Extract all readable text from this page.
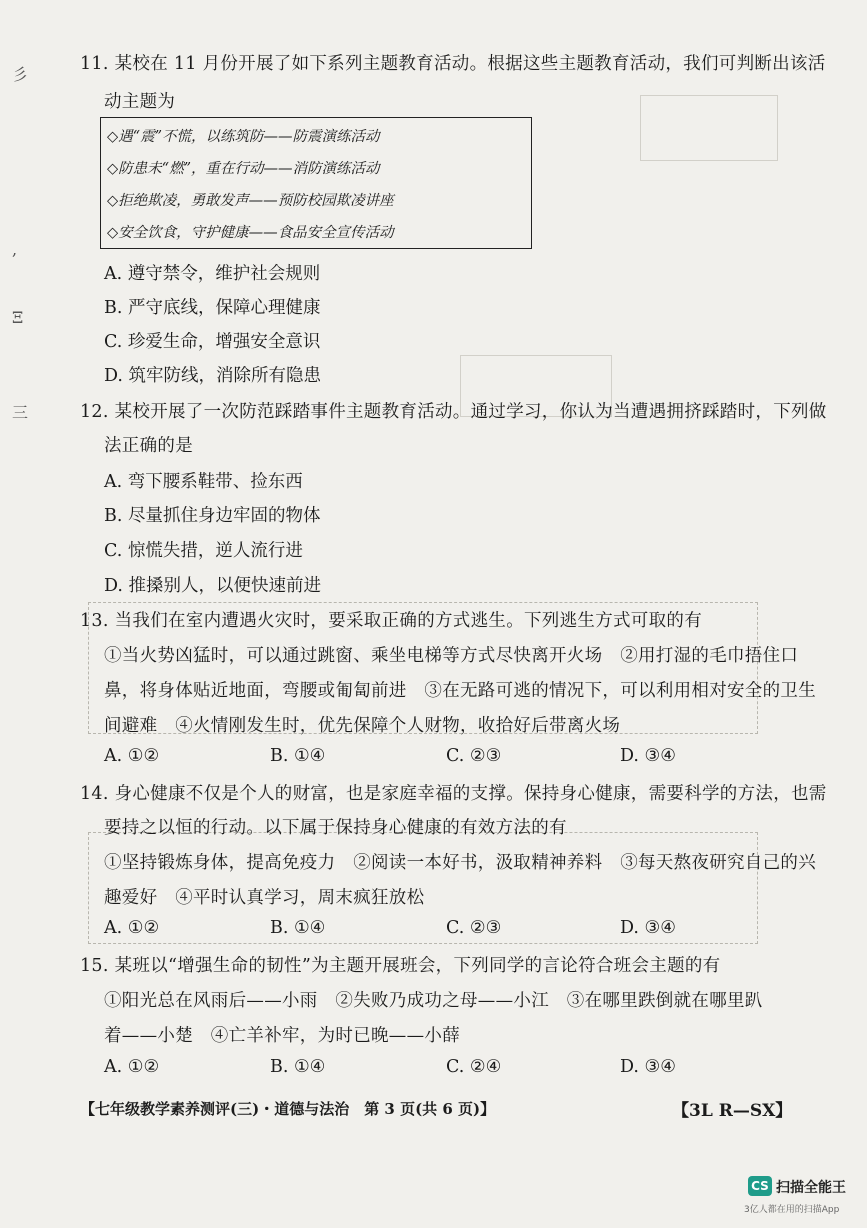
彡
,
Ξ
三
11. 某校在 11 月份开展了如下系列主题教育活动。根据这些主题教育活动，我们可判断出该活
动主题为
◇遇“震”不慌，以练筑防——防震演练活动
◇防患未“燃”，重在行动——消防演练活动
◇拒绝欺凌，勇敢发声——预防校园欺凌讲座
◇安全饮食，守护健康——食品安全宣传活动
A. 遵守禁令，维护社会规则
B. 严守底线，保障心理健康
C. 珍爱生命，增强安全意识
D. 筑牢防线，消除所有隐患
12. 某校开展了一次防范踩踏事件主题教育活动。通过学习，你认为当遭遇拥挤踩踏时，下列做
法正确的是
A. 弯下腰系鞋带、捡东西
B. 尽量抓住身边牢固的物体
C. 惊慌失措，逆人流行进
D. 推搡别人，以便快速前进
13. 当我们在室内遭遇火灾时，要采取正确的方式逃生。下列逃生方式可取的有
①当火势凶猛时，可以通过跳窗、乘坐电梯等方式尽快离开火场　②用打湿的毛巾捂住口
鼻，将身体贴近地面，弯腰或匍匐前进　③在无路可逃的情况下，可以利用相对安全的卫生
间避难　④火情刚发生时，优先保障个人财物，收拾好后带离火场
A. ①②	B. ①④	C. ②③	D. ③④
14. 身心健康不仅是个人的财富，也是家庭幸福的支撑。保持身心健康，需要科学的方法，也需
要持之以恒的行动。以下属于保持身心健康的有效方法的有
①坚持锻炼身体，提高免疫力　②阅读一本好书，汲取精神养料　③每天熬夜研究自己的兴
趣爱好　④平时认真学习，周末疯狂放松
A. ①②	B. ①④	C. ②③	D. ③④
15. 某班以“增强生命的韧性”为主题开展班会，下列同学的言论符合班会主题的有
①阳光总在风雨后——小雨　②失败乃成功之母——小江　③在哪里跌倒就在哪里趴
着——小楚　④亡羊补牢，为时已晚——小薛
A. ①②	B. ①④	C. ②④	D. ③④
【七年级教学素养测评(三)・道德与法治　第 3 页(共 6 页)】	【3L R—SX】
CS 扫描全能王
3亿人都在用的扫描App
